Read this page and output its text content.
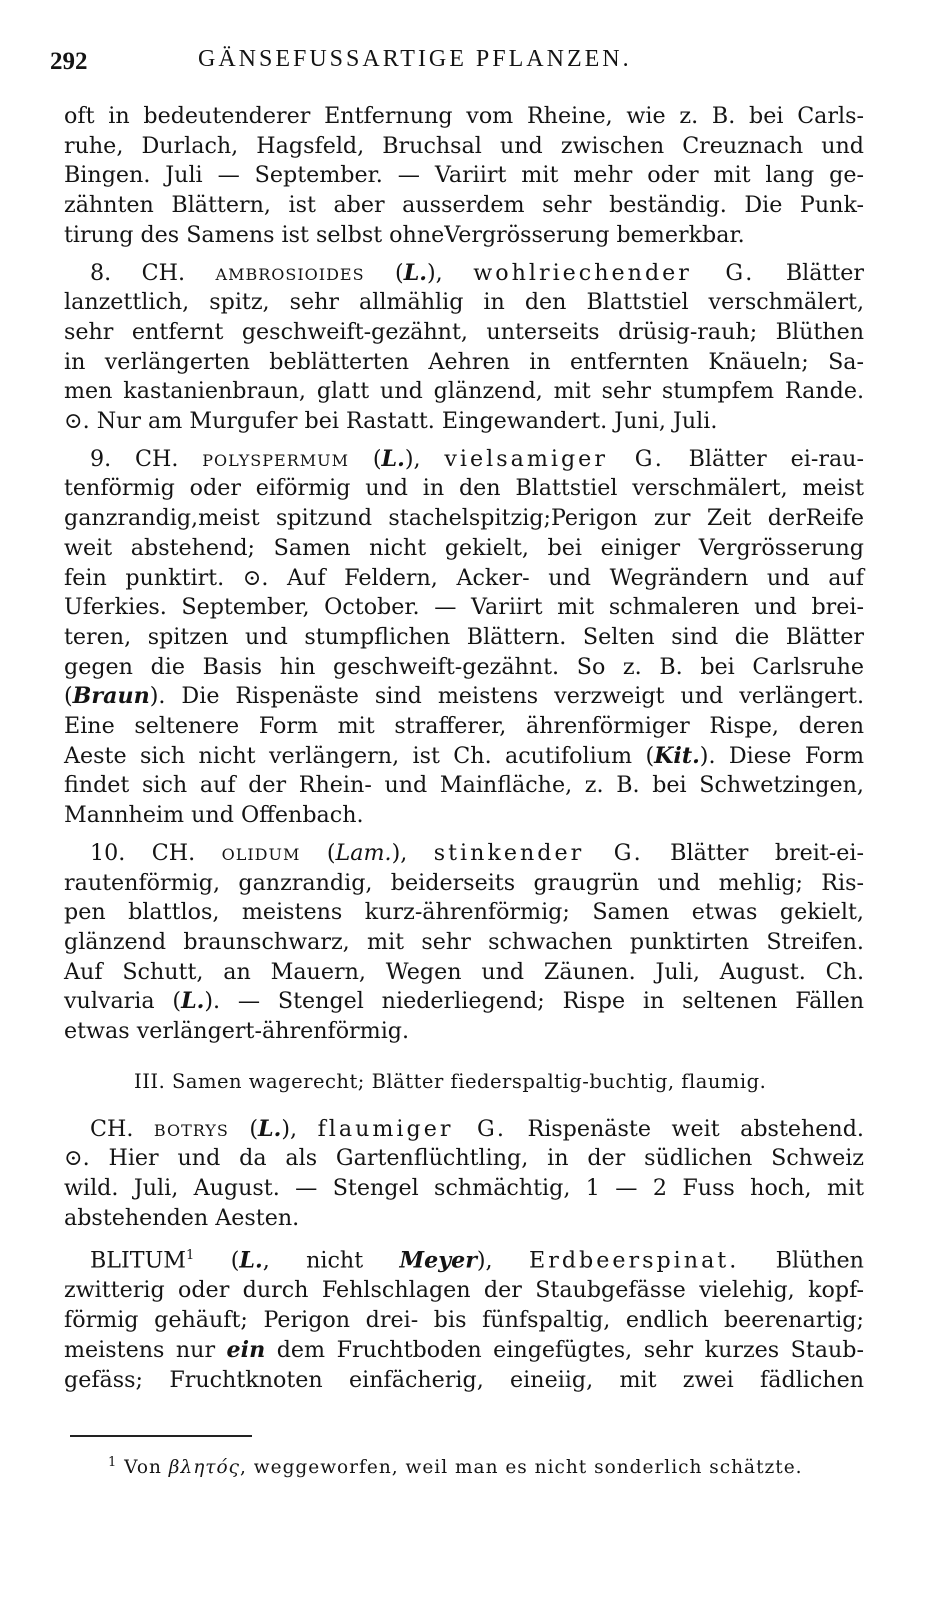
292	GÄNSEFUSSARTIGE PFLANZEN.
oft in bedeutenderer Entfernung vom Rheine, wie z. B. bei Carls-
ruhe, Durlach, Hagsfeld, Bruchsal und zwischen Creuznach und
Bingen. Juli — September. — Variirt mit mehr oder mit lang ge-
zähnten Blättern, ist aber ausserdem sehr beständig. Die Punk-
tirung des Samens ist selbst ohneVergrösserung bemerkbar.
8. CH. ambrosioides (L.), wohlriechender G. Blätter
lanzettlich, spitz, sehr allmählig in den Blattstiel verschmälert,
sehr entfernt geschweift-gezähnt, unterseits drüsig-rauh; Blüthen
in verlängerten beblätterten Aehren in entfernten Knäueln; Sa-
men kastanienbraun, glatt und glänzend, mit sehr stumpfem Rande.
⊙. Nur am Murgufer bei Rastatt. Eingewandert. Juni, Juli.
9. CH. polyspermum (L.), vielsamiger G. Blätter ei-rau-
tenförmig oder eiförmig und in den Blattstiel verschmälert, meist
ganzrandig,meist spitzund stachelspitzig;Perigon zur Zeit derReife
weit abstehend; Samen nicht gekielt, bei einiger Vergrösserung
fein punktirt. ⊙. Auf Feldern, Acker- und Wegrändern und auf
Uferkies. September, October. — Variirt mit schmaleren und brei-
teren, spitzen und stumpflichen Blättern. Selten sind die Blätter
gegen die Basis hin geschweift-gezähnt. So z. B. bei Carlsruhe
(Braun). Die Rispenäste sind meistens verzweigt und verlängert.
Eine seltenere Form mit strafferer, ährenförmiger Rispe, deren
Aeste sich nicht verlängern, ist Ch. acutifolium (Kit.). Diese Form
findet sich auf der Rhein- und Mainfläche, z. B. bei Schwetzingen,
Mannheim und Offenbach.
10. CH. olidum (Lam.), stinkender G. Blätter breit-ei-
rautenförmig, ganzrandig, beiderseits graugrün und mehlig; Ris-
pen blattlos, meistens kurz-ährenförmig; Samen etwas gekielt,
glänzend braunschwarz, mit sehr schwachen punktirten Streifen.
Auf Schutt, an Mauern, Wegen und Zäunen. Juli, August. Ch.
vulvaria (L.). — Stengel niederliegend; Rispe in seltenen Fällen
etwas verlängert-ährenförmig.
III. Samen wagerecht; Blätter fiederspaltig-buchtig, flaumig.
CH. botrys (L.), flaumiger G. Rispenäste weit abstehend.
⊙. Hier und da als Gartenflüchtling, in der südlichen Schweiz
wild. Juli, August. — Stengel schmächtig, 1 — 2 Fuss hoch, mit
abstehenden Aesten.
BLITUM$^1$ (L., nicht Meyer), Erdbeerspinat. Blüthen
zwitterig oder durch Fehlschlagen der Staubgefässe vielehig, kopf-
förmig gehäuft; Perigon drei- bis fünfspaltig, endlich beerenartig;
meistens nur ein dem Fruchtboden eingefügtes, sehr kurzes Staub-
gefäss; Fruchtknoten einfächerig, eineiig, mit zwei fädlichen
$^1$ Von βλητός, weggeworfen, weil man es nicht sonderlich schätzte.
